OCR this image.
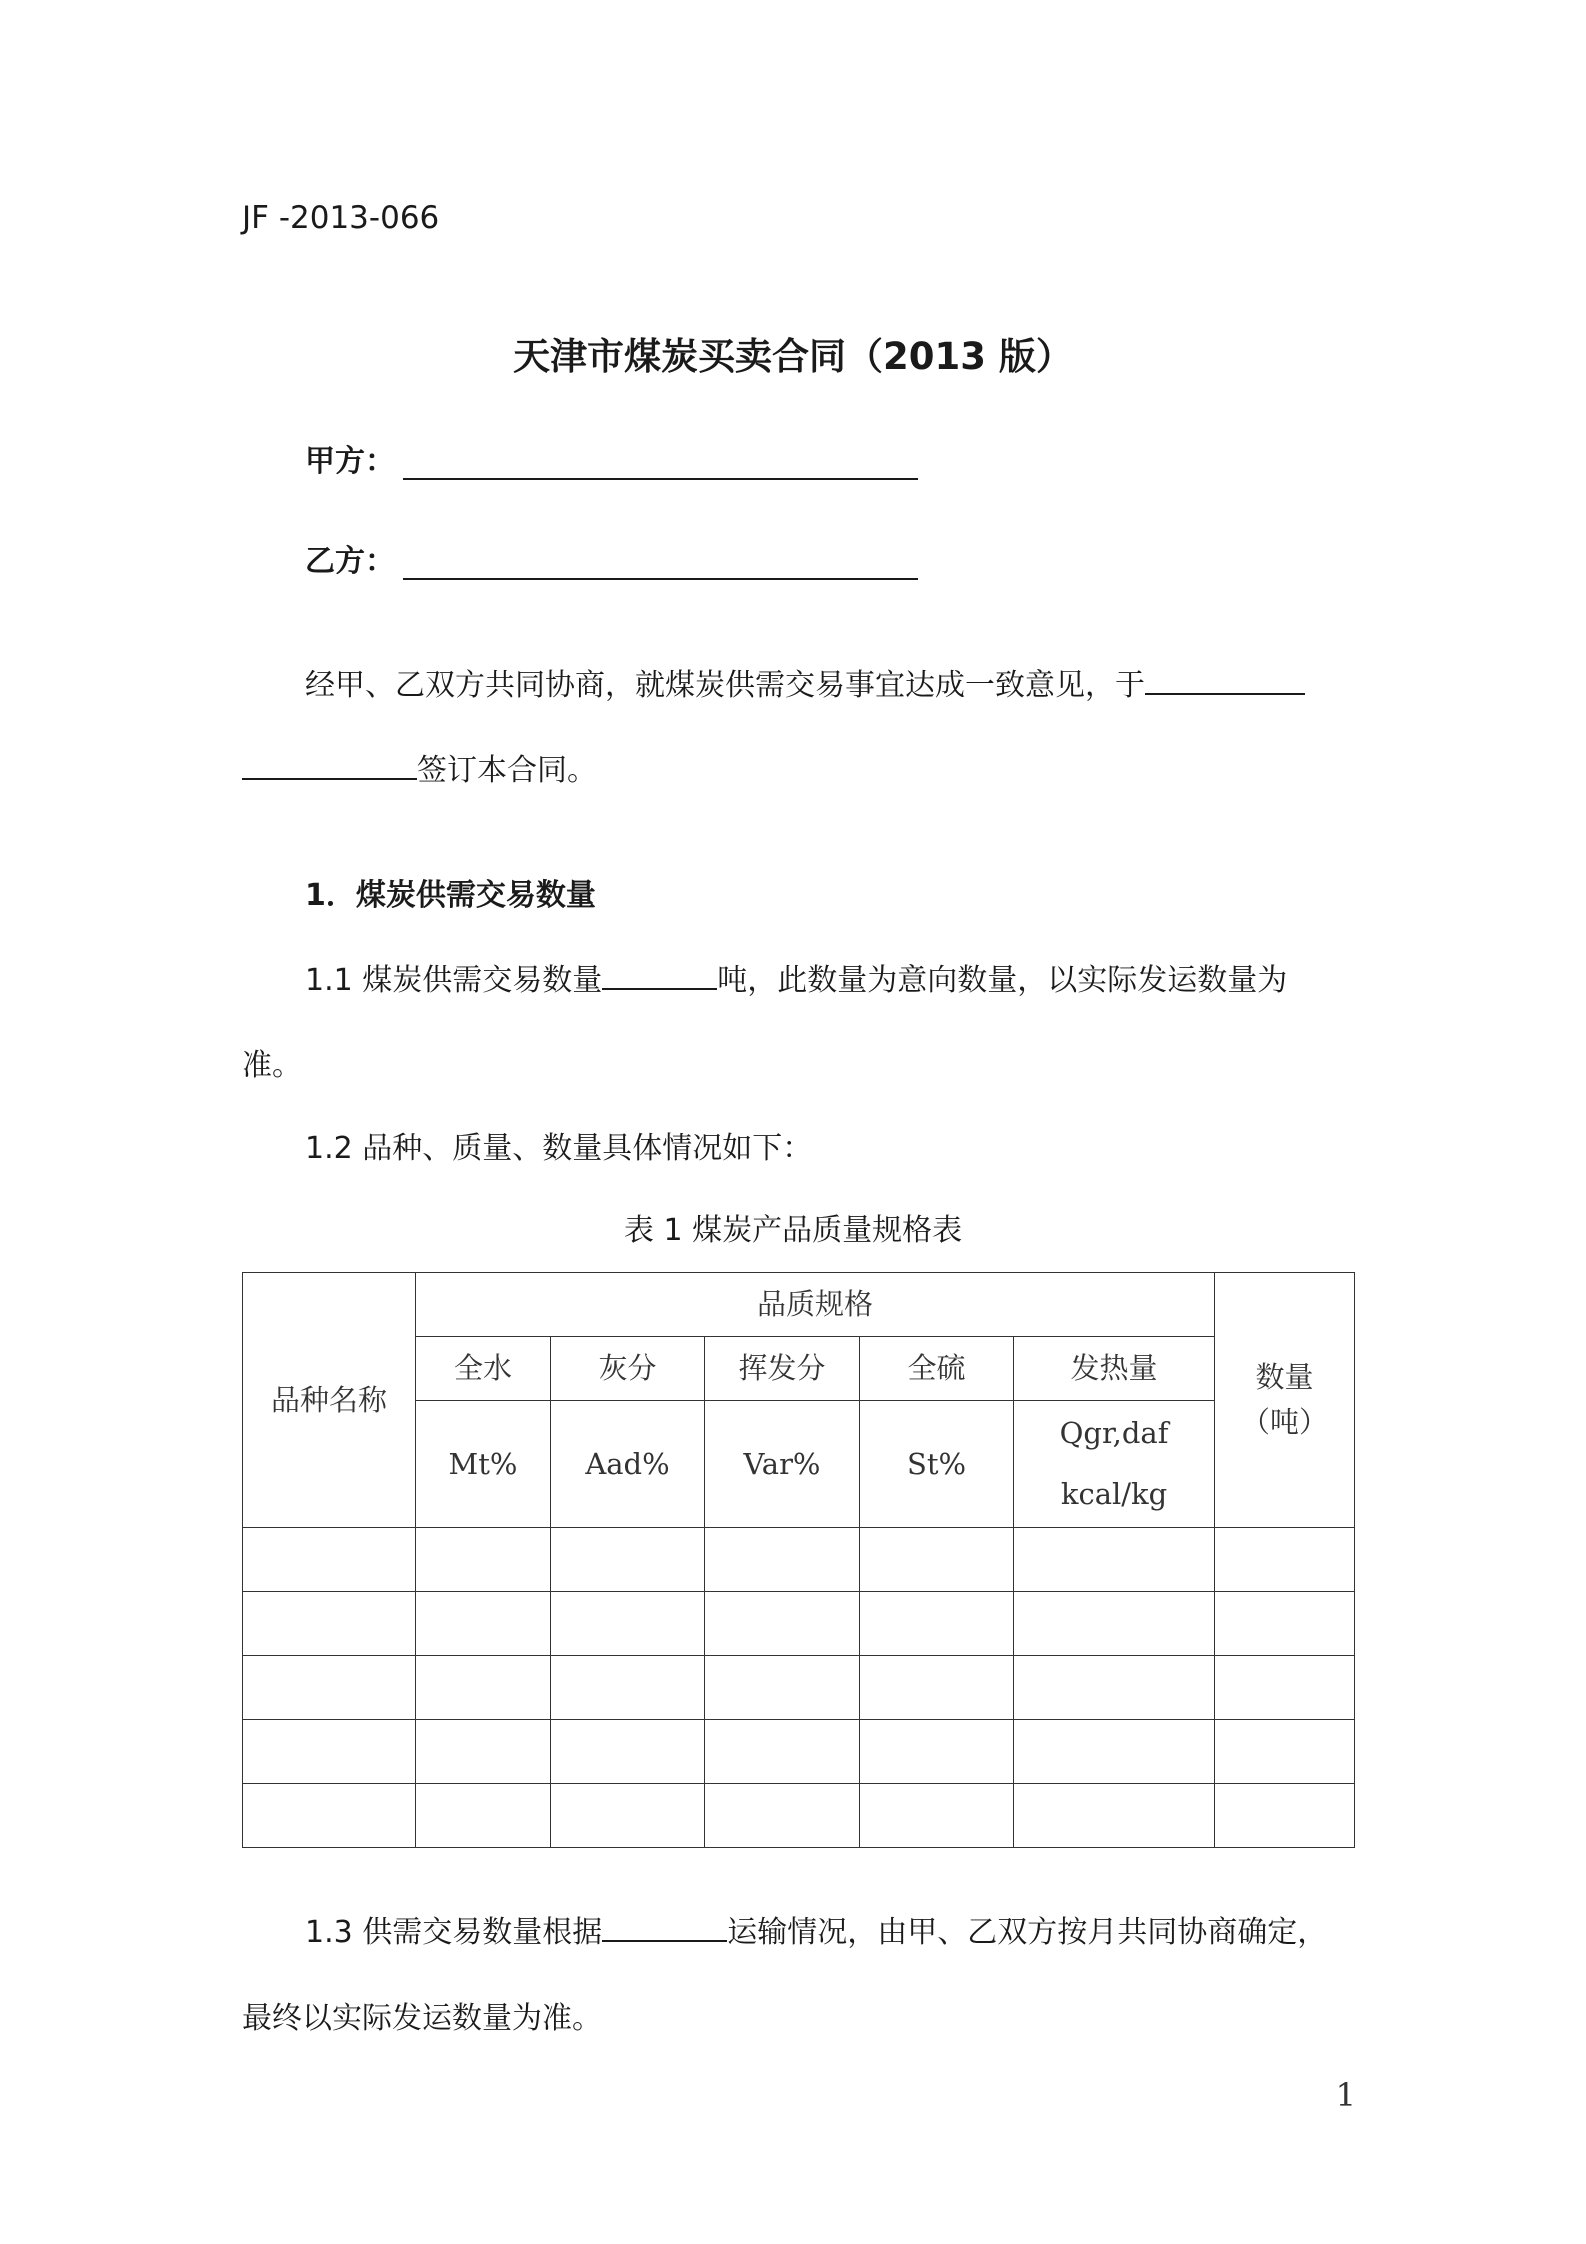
JF -2013-066
天津市煤炭买卖合同（2013 版）
甲方：
乙方：
经甲、乙双方共同协商，就煤炭供需交易事宜达成一致意见，于
签订本合同。
1．煤炭供需交易数量
1.1 煤炭供需交易数量	吨，此数量为意向数量，以实际发运数量为
准。
1.2 品种、质量、数量具体情况如下：
表 1 煤炭产品质量规格表
品种名称	品质规格					数量
（吨）

	全水	灰分	挥发分	全硫	发热量	
	Mt%	Aad%	Var%	St%	Qgr,daf
kcal/kg	

1.3 供需交易数量根据	运输情况，由甲、乙双方按月共同协商确定，
最终以实际发运数量为准。
1
